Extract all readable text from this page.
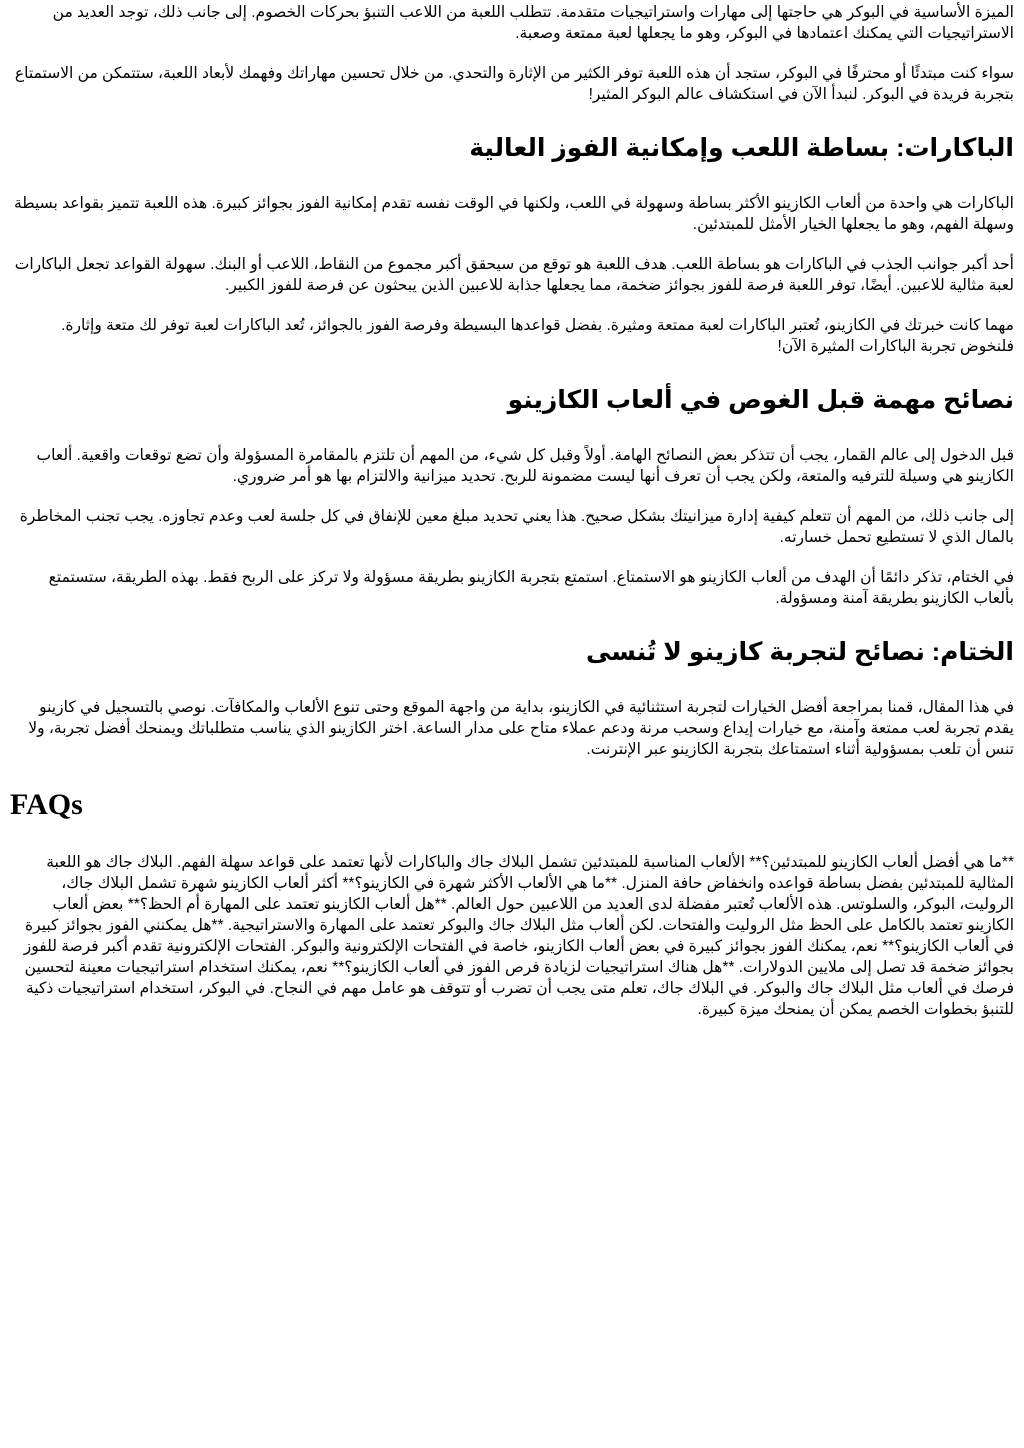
الميزة الأساسية في البوكر هي حاجتها إلى مهارات واستراتيجيات متقدمة. تتطلب اللعبة من اللاعب التنبؤ بحركات الخصوم. إلى جانب ذلك، توجد العديد من الاستراتيجيات التي يمكنك اعتمادها في البوكر، وهو ما يجعلها لعبة ممتعة وصعبة.

سواء كنت مبتدئًا أو محترفًا في البوكر، ستجد أن هذه اللعبة توفر الكثير من الإثارة والتحدي. من خلال تحسين مهاراتك وفهمك لأبعاد اللعبة، ستتمكن من الاستمتاع بتجربة فريدة في البوكر. لنبدأ الآن في استكشاف عالم البوكر المثير!

الباكارات: بساطة اللعب وإمكانية الفوز العالية

الباكارات هي واحدة من ألعاب الكازينو الأكثر بساطة وسهولة في اللعب، ولكنها في الوقت نفسه تقدم إمكانية الفوز بجوائز كبيرة. هذه اللعبة تتميز بقواعد بسيطة وسهلة الفهم، وهو ما يجعلها الخيار الأمثل للمبتدئين.

أحد أكبر جوانب الجذب في الباكارات هو بساطة اللعب. هدف اللعبة هو توقع من سيحقق أكبر مجموع من النقاط، اللاعب أو البنك. سهولة القواعد تجعل الباكارات لعبة مثالية للاعبين. أيضًا، توفر اللعبة فرصة للفوز بجوائز ضخمة، مما يجعلها جذابة للاعبين الذين يبحثون عن فرصة للفوز الكبير.

مهما كانت خبرتك في الكازينو، تُعتبر الباكارات لعبة ممتعة ومثيرة. بفضل قواعدها البسيطة وفرصة الفوز بالجوائز، تُعد الباكارات لعبة توفر لك متعة وإثارة. فلنخوض تجربة الباكارات المثيرة الآن!

نصائح مهمة قبل الغوص في ألعاب الكازينو

قبل الدخول إلى عالم القمار، يجب أن تتذكر بعض النصائح الهامة. أولاً وقبل كل شيء، من المهم أن تلتزم بالمقامرة المسؤولة وأن تضع توقعات واقعية. ألعاب الكازينو هي وسيلة للترفيه والمتعة، ولكن يجب أن تعرف أنها ليست مضمونة للربح. تحديد ميزانية والالتزام بها هو أمر ضروري.

إلى جانب ذلك، من المهم أن تتعلم كيفية إدارة ميزانيتك بشكل صحيح. هذا يعني تحديد مبلغ معين للإنفاق في كل جلسة لعب وعدم تجاوزه. يجب تجنب المخاطرة بالمال الذي لا تستطيع تحمل خسارته.

في الختام، تذكر دائمًا أن الهدف من ألعاب الكازينو هو الاستمتاع. استمتع بتجربة الكازينو بطريقة مسؤولة ولا تركز على الربح فقط. بهذه الطريقة، ستستمتع بألعاب الكازينو بطريقة آمنة ومسؤولة.

الختام: نصائح لتجربة كازينو لا تُنسى

في هذا المقال، قمنا بمراجعة أفضل الخيارات لتجربة استثنائية في الكازينو، بداية من واجهة الموقع وحتى تنوع الألعاب والمكافآت. نوصي بالتسجيل في كازينو يقدم تجربة لعب ممتعة وآمنة، مع خيارات إيداع وسحب مرنة ودعم عملاء متاح على مدار الساعة. اختر الكازينو الذي يناسب متطلباتك ويمنحك أفضل تجربة، ولا تنس أن تلعب بمسؤولية أثناء استمتاعك بتجربة الكازينو عبر الإنترنت.

FAQs

**ما هي أفضل ألعاب الكازينو للمبتدئين؟** الألعاب المناسبة للمبتدئين تشمل البلاك جاك والباكارات لأنها تعتمد على قواعد سهلة الفهم. البلاك جاك هو اللعبة المثالية للمبتدئين بفضل بساطة قواعده وانخفاض حافة المنزل. **ما هي الألعاب الأكثر شهرة في الكازينو؟** أكثر ألعاب الكازينو شهرة تشمل البلاك جاك، الروليت، البوكر، والسلوتس. هذه الألعاب تُعتبر مفضلة لدى العديد من اللاعبين حول العالم. **هل ألعاب الكازينو تعتمد على المهارة أم الحظ؟** بعض ألعاب الكازينو تعتمد بالكامل على الحظ مثل الروليت والفتحات. لكن ألعاب مثل البلاك جاك والبوكر تعتمد على المهارة والاستراتيجية. **هل يمكنني الفوز بجوائز كبيرة في ألعاب الكازينو؟** نعم، يمكنك الفوز بجوائز كبيرة في بعض ألعاب الكازينو، خاصة في الفتحات الإلكترونية والبوكر. الفتحات الإلكترونية تقدم أكبر فرصة للفوز بجوائز ضخمة قد تصل إلى ملايين الدولارات. **هل هناك استراتيجيات لزيادة فرص الفوز في ألعاب الكازينو؟** نعم، يمكنك استخدام استراتيجيات معينة لتحسين فرصك في ألعاب مثل البلاك جاك والبوكر. في البلاك جاك، تعلم متى يجب أن تضرب أو تتوقف هو عامل مهم في النجاح. في البوكر، استخدام استراتيجيات ذكية للتنبؤ بخطوات الخصم يمكن أن يمنحك ميزة كبيرة.
